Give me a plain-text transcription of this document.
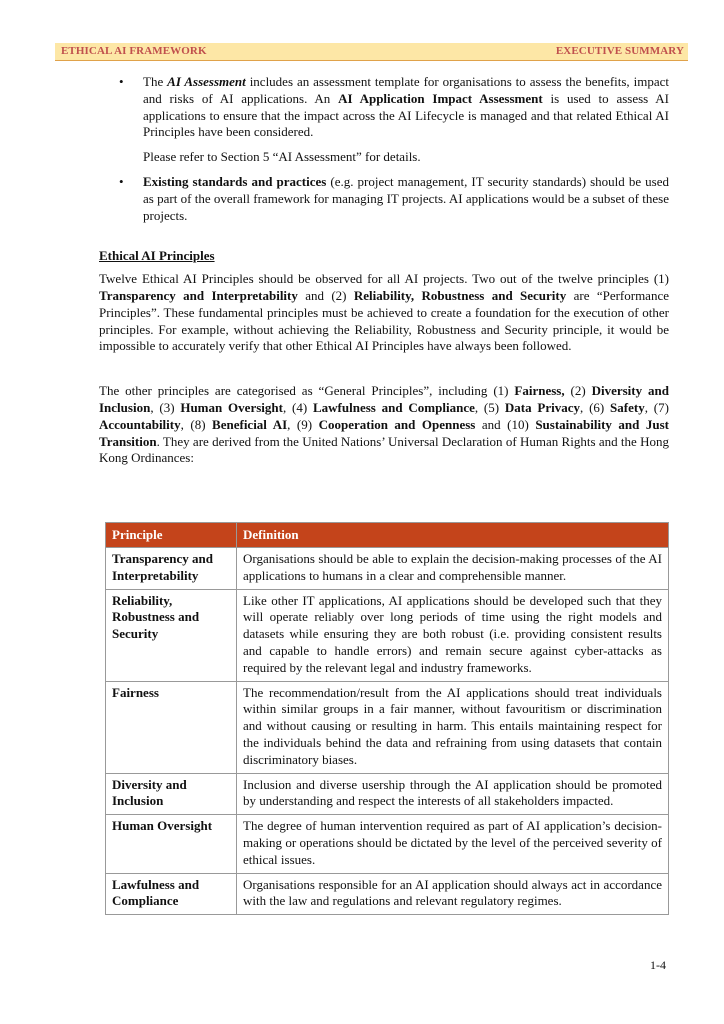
ETHICAL AI FRAMEWORK	EXECUTIVE SUMMARY
• The AI Assessment includes an assessment template for organisations to assess the benefits, impact and risks of AI applications. An AI Application Impact Assessment is used to assess AI applications to ensure that the impact across the AI Lifecycle is managed and that related Ethical AI Principles have been considered.

Please refer to Section 5 “AI Assessment” for details.

• Existing standards and practices (e.g. project management, IT security standards) should be used as part of the overall framework for managing IT projects. AI applications would be a subset of these projects.

Ethical AI Principles

Twelve Ethical AI Principles should be observed for all AI projects. Two out of the twelve principles (1) Transparency and Interpretability and (2) Reliability, Robustness and Security are “Performance Principles”. These fundamental principles must be achieved to create a foundation for the execution of other principles. For example, without achieving the Reliability, Robustness and Security principle, it would be impossible to accurately verify that other Ethical AI Principles have always been followed.

The other principles are categorised as “General Principles”, including (1) Fairness, (2) Diversity and Inclusion, (3) Human Oversight, (4) Lawfulness and Compliance, (5) Data Privacy, (6) Safety, (7) Accountability, (8) Beneficial AI, (9) Cooperation and Openness and (10) Sustainability and Just Transition. They are derived from the United Nations’ Universal Declaration of Human Rights and the Hong Kong Ordinances:

Principle	Definition
Transparency and Interpretability	Organisations should be able to explain the decision-making processes of the AI applications to humans in a clear and comprehensible manner.
Reliability, Robustness and Security	Like other IT applications, AI applications should be developed such that they will operate reliably over long periods of time using the right models and datasets while ensuring they are both robust (i.e. providing consistent results and capable to handle errors) and remain secure against cyber-attacks as required by the relevant legal and industry frameworks.
Fairness	The recommendation/result from the AI applications should treat individuals within similar groups in a fair manner, without favouritism or discrimination and without causing or resulting in harm. This entails maintaining respect for the individuals behind the data and refraining from using datasets that contain discriminatory biases.
Diversity and Inclusion	Inclusion and diverse usership through the AI application should be promoted by understanding and respect the interests of all stakeholders impacted.
Human Oversight	The degree of human intervention required as part of AI application’s decision-making or operations should be dictated by the level of the perceived severity of ethical issues.
Lawfulness and Compliance	Organisations responsible for an AI application should always act in accordance with the law and regulations and relevant regulatory regimes.
1-4
